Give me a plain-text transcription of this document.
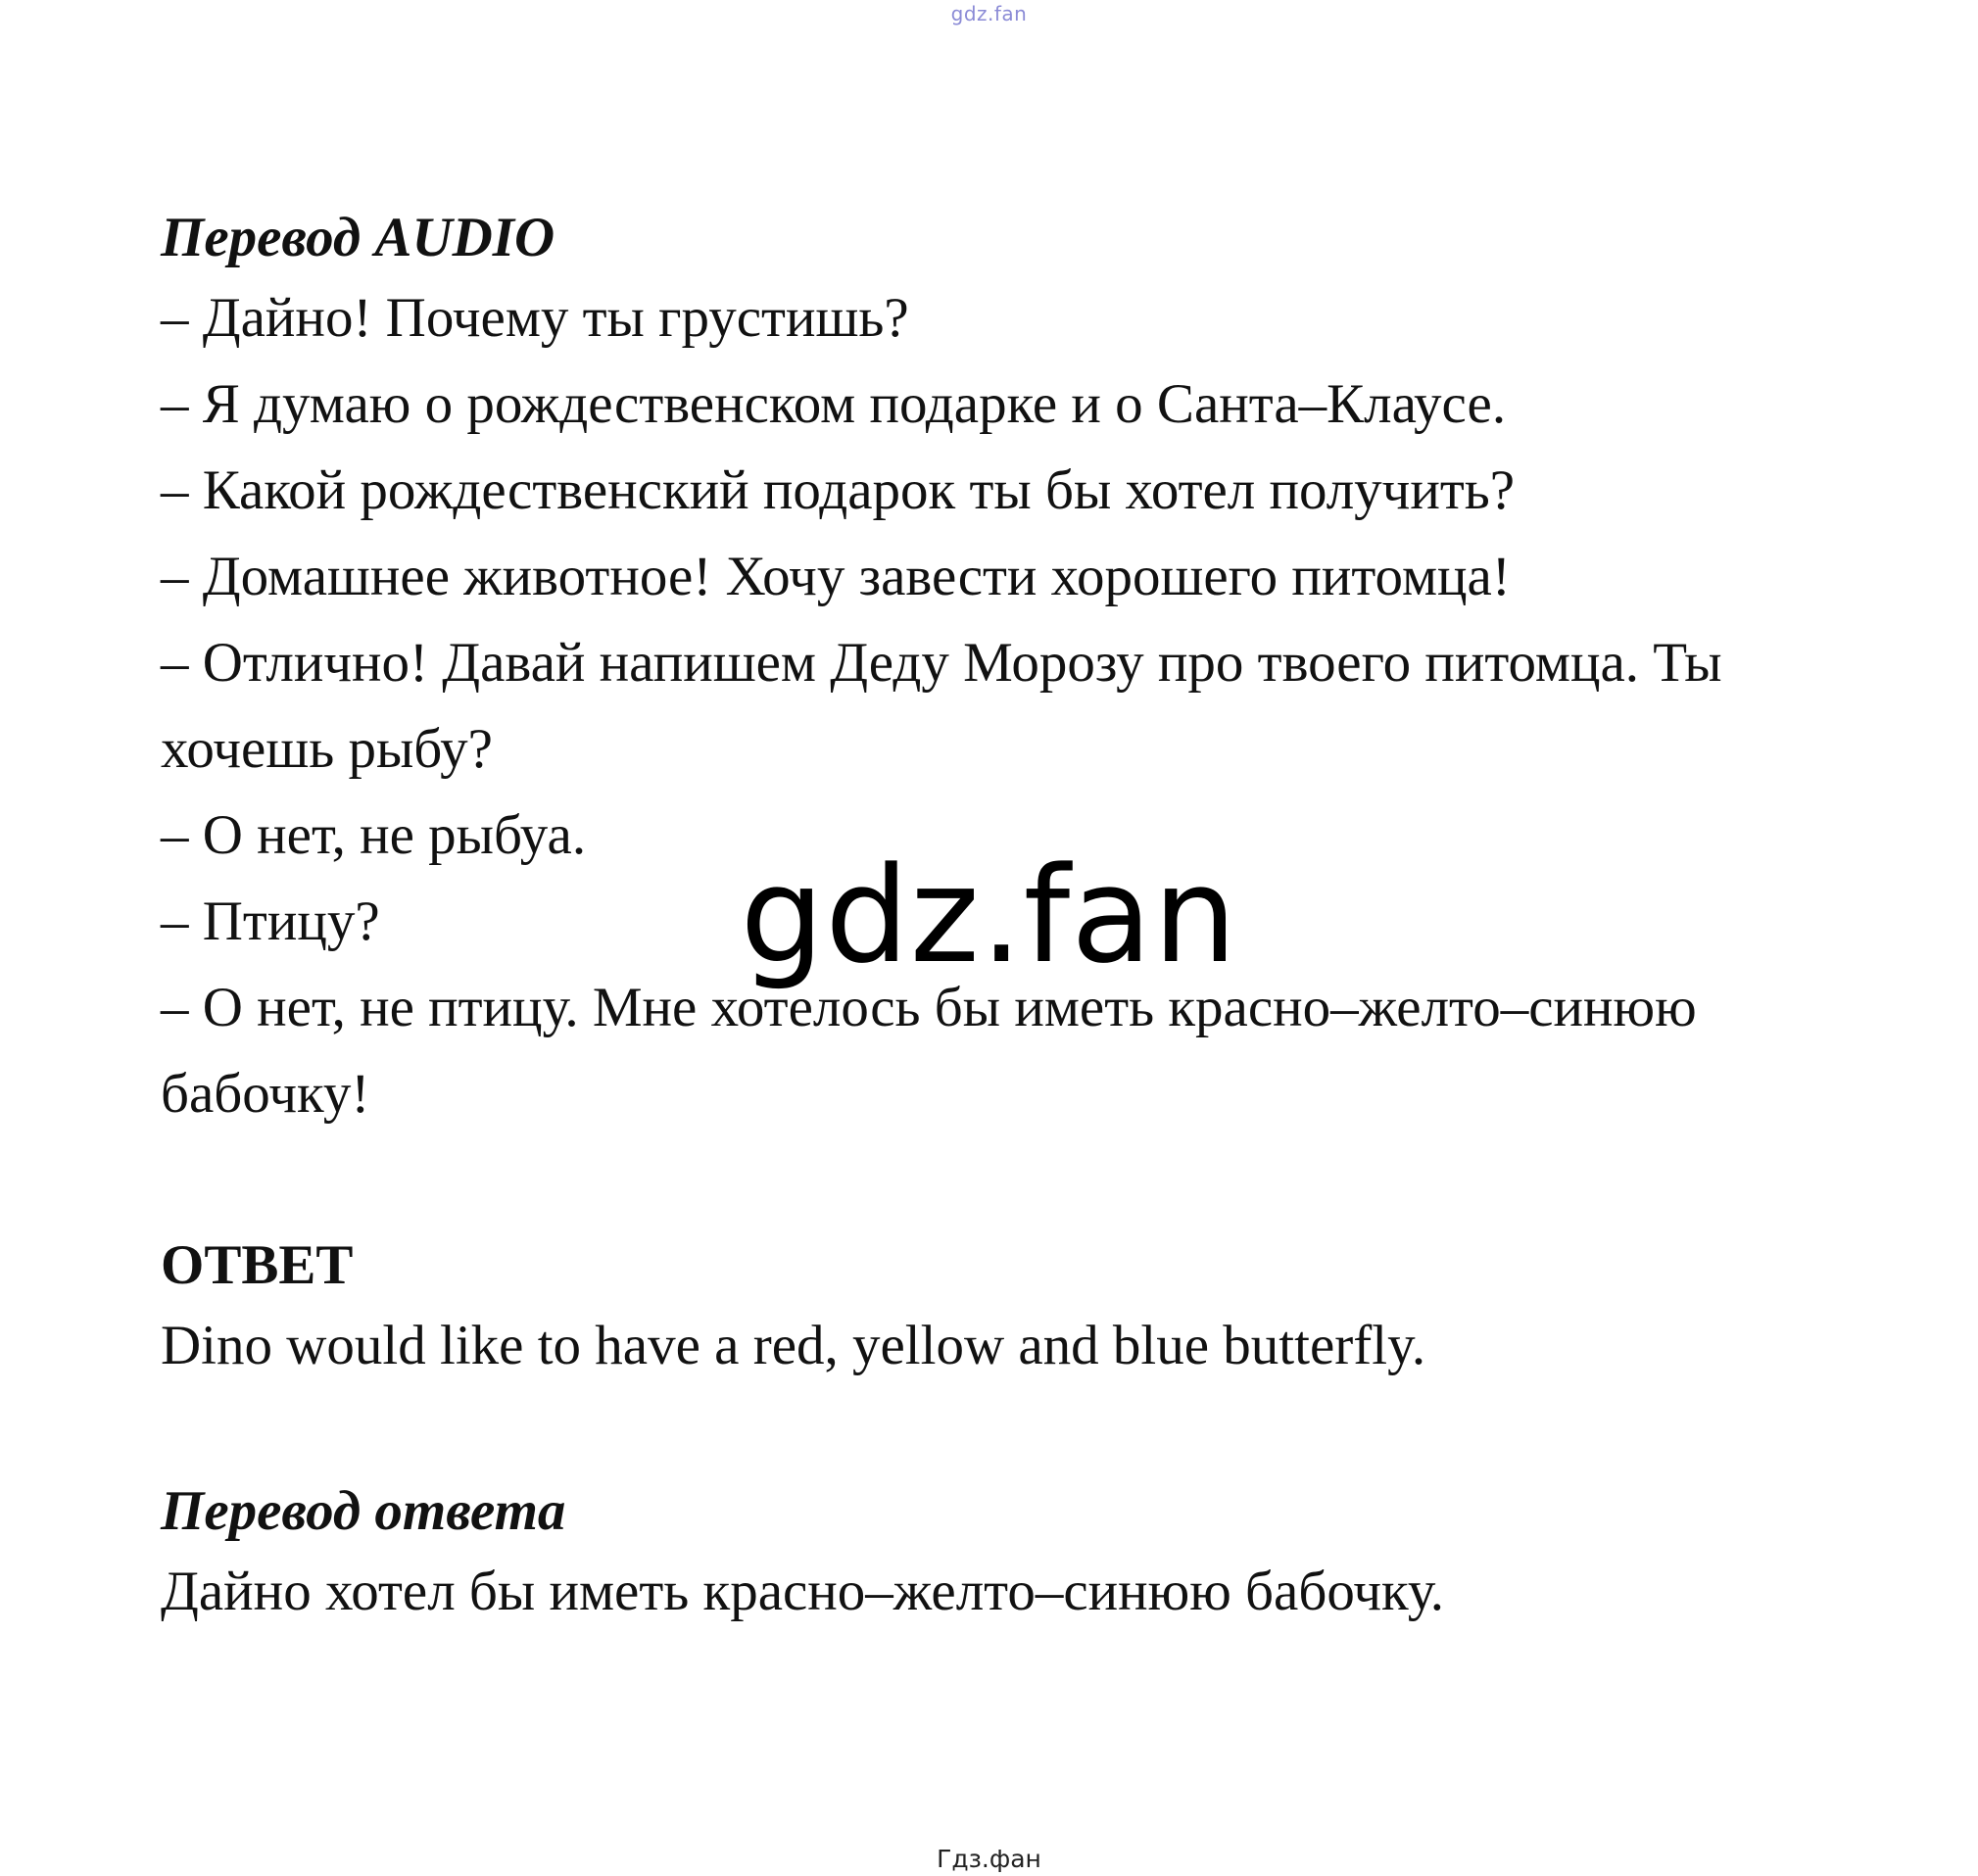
gdz.fan
Перевод AUDIO
– Дайно! Почему ты грустишь?
– Я думаю о рождественском подарке и о Санта–Клаусе.
– Какой рождественский подарок ты бы хотел получить?
– Домашнее животное! Хочу завести хорошего питомца!
– Отлично! Давай напишем Деду Морозу про твоего питомца. Ты
хочешь рыбу?
– О нет, не рыбуа.
– Птицу?
– О нет, не птицу. Мне хотелось бы иметь красно–желто–синюю
бабочку!
ОТВЕТ
Dino would like to have a red, yellow and blue butterfly.
Перевод ответа
Дайно хотел бы иметь красно–желто–синюю бабочку.
gdz.fan
Гдз.фан
